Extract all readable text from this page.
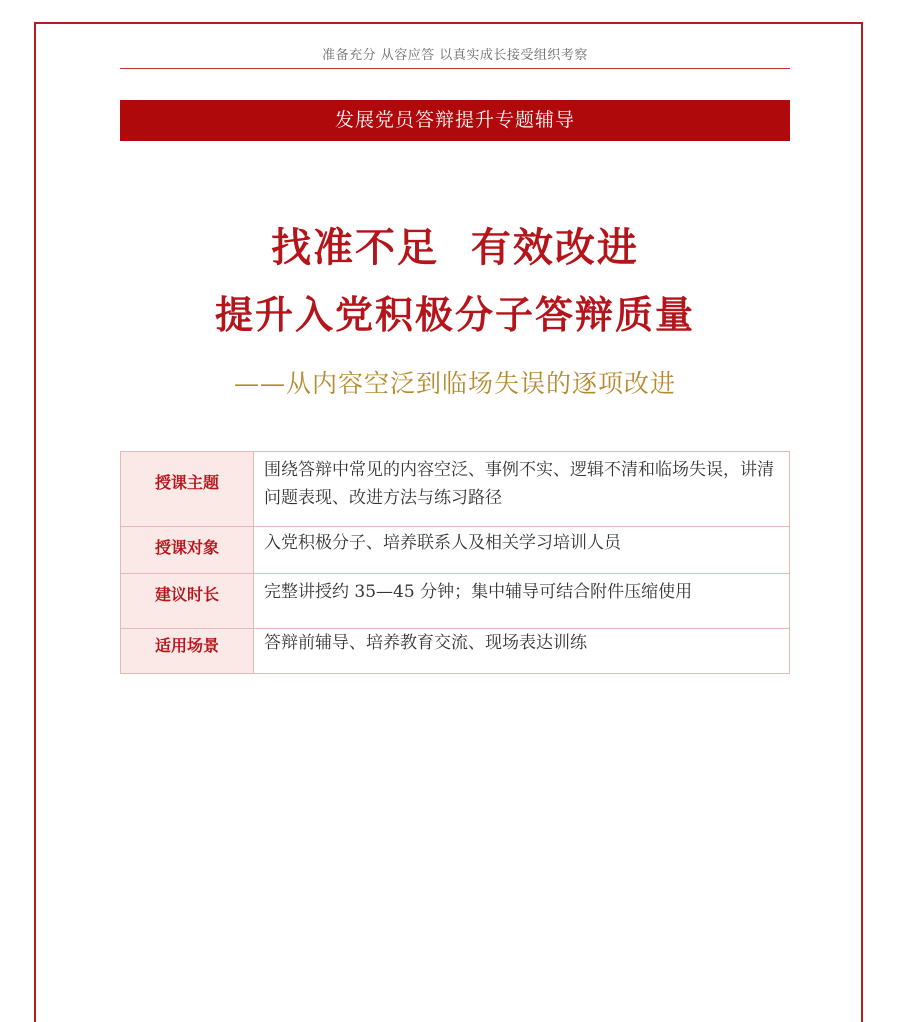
准备充分 从容应答 以真实成长接受组织考察
发展党员答辩提升专题辅导
找准不足  有效改进
提升入党积极分子答辩质量
——从内容空泛到临场失误的逐项改进
授课主题	围绕答辩中常见的内容空泛、事例不实、逻辑不清和临场失误，讲清问题表现、改进方法与练习路径
授课对象	入党积极分子、培养联系人及相关学习培训人员
建议时长	完整讲授约 35—45 分钟；集中辅导可结合附件压缩使用
适用场景	答辩前辅导、培养教育交流、现场表达训练
